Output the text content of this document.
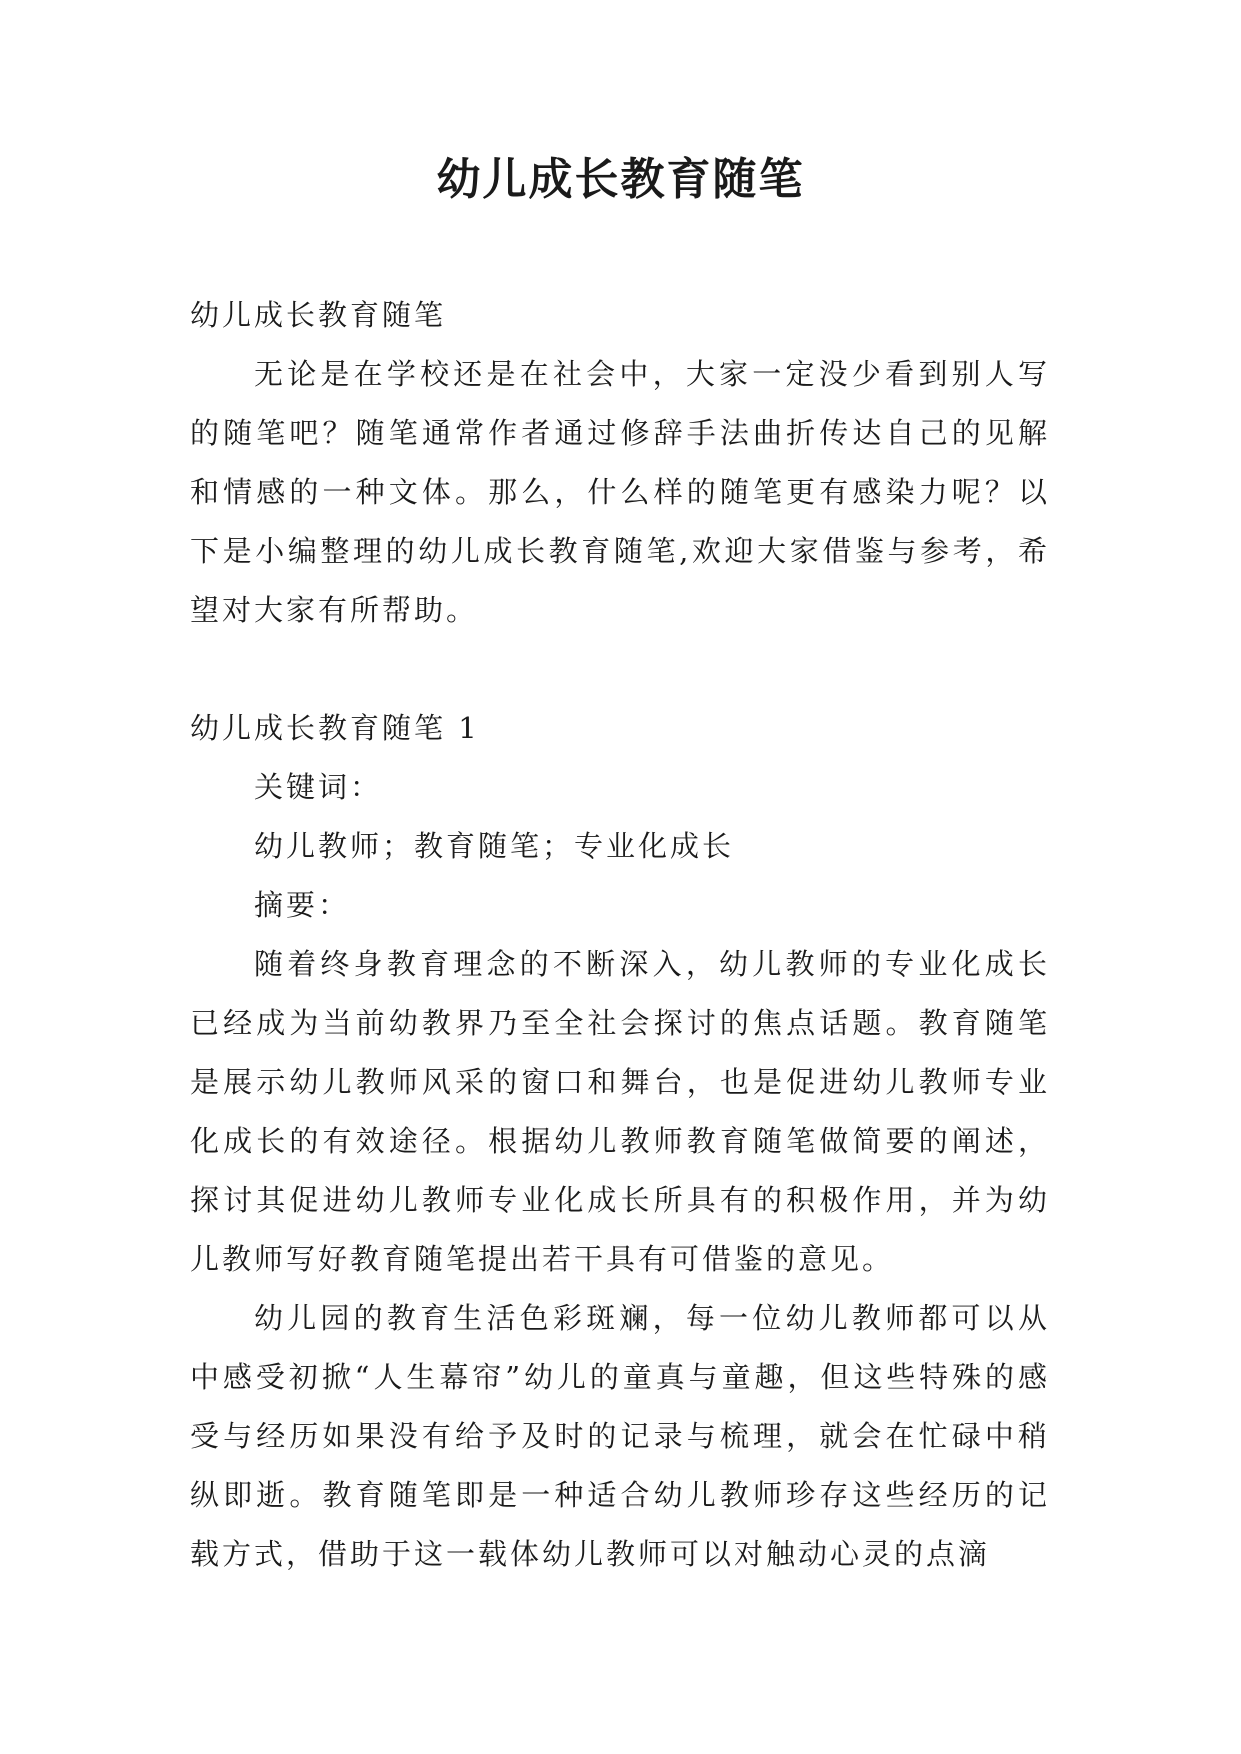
幼儿成长教育随笔

幼儿成长教育随笔

无论是在学校还是在社会中，大家一定没少看到别人写的随笔吧？随笔通常作者通过修辞手法曲折传达自己的见解和情感的一种文体。那么，什么样的随笔更有感染力呢？以下是小编整理的幼儿成长教育随笔,欢迎大家借鉴与参考，希望对大家有所帮助。

幼儿成长教育随笔 1

关键词：

幼儿教师；教育随笔；专业化成长

摘要：

随着终身教育理念的不断深入，幼儿教师的专业化成长已经成为当前幼教界乃至全社会探讨的焦点话题。教育随笔是展示幼儿教师风采的窗口和舞台，也是促进幼儿教师专业化成长的有效途径。根据幼儿教师教育随笔做简要的阐述，探讨其促进幼儿教师专业化成长所具有的积极作用，并为幼儿教师写好教育随笔提出若干具有可借鉴的意见。

幼儿园的教育生活色彩斑斓，每一位幼儿教师都可以从中感受初掀“人生幕帘”幼儿的童真与童趣，但这些特殊的感受与经历如果没有给予及时的记录与梳理，就会在忙碌中稍纵即逝。教育随笔即是一种适合幼儿教师珍存这些经历的记载方式，借助于这一载体幼儿教师可以对触动心灵的点滴
